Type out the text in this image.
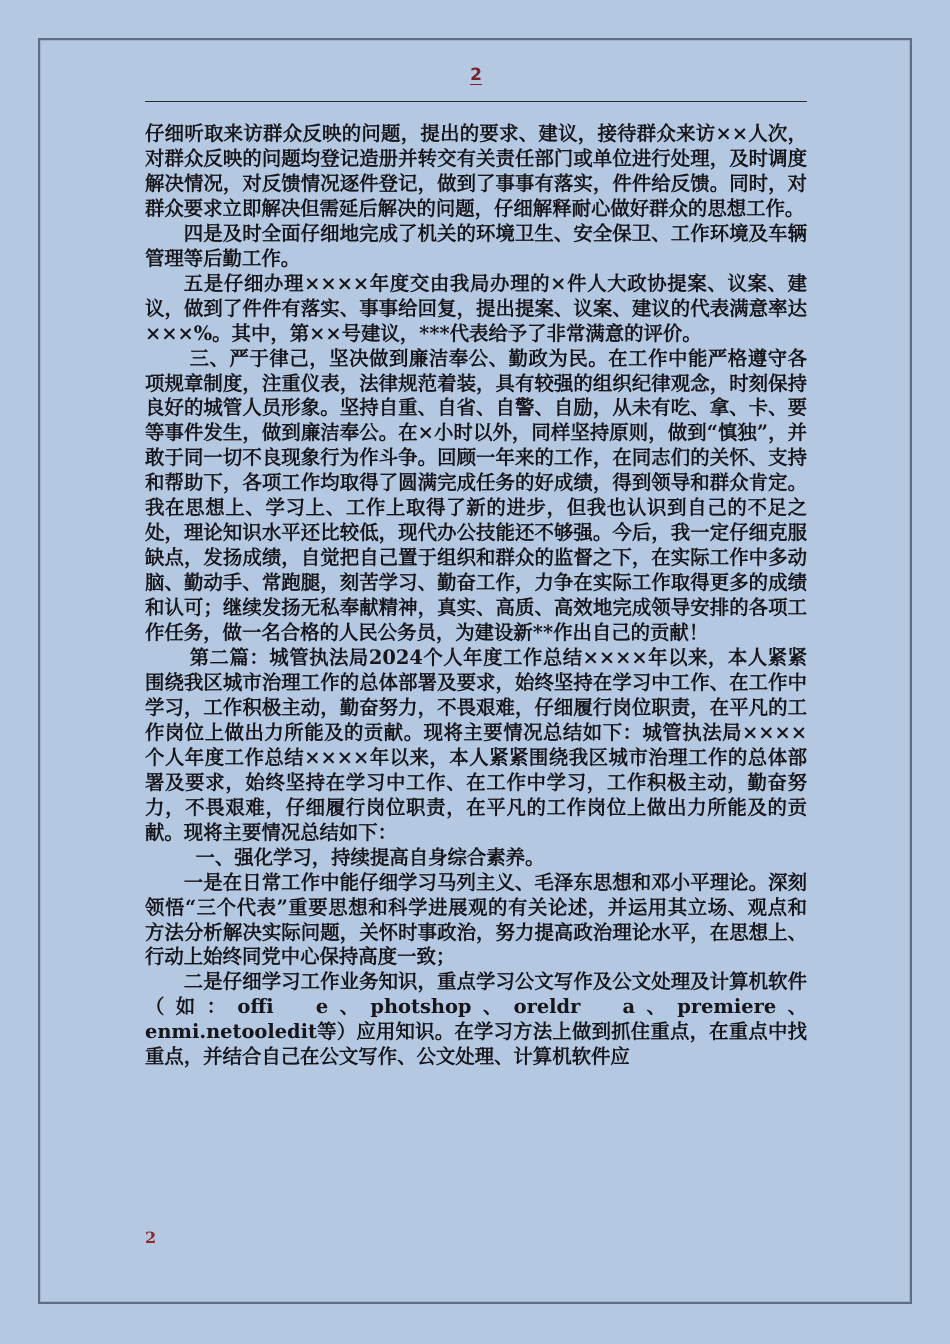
2

仔细听取来访群众反映的问题，提出的要求、建议，接待群众来访××人次，对群众反映的问题均登记造册并转交有关责任部门或单位进行处理，及时调度解决情况，对反馈情况逐件登记，做到了事事有落实，件件给反馈。同时，对群众要求立即解决但需延后解决的问题，仔细解释耐心做好群众的思想工作。

四是及时全面仔细地完成了机关的环境卫生、安全保卫、工作环境及车辆管理等后勤工作。

五是仔细办理××××年度交由我局办理的×件人大政协提案、议案、建议，做到了件件有落实、事事给回复，提出提案、议案、建议的代表满意率达×××%。其中，第××号建议，***代表给予了非常满意的评价。

三、严于律己，坚决做到廉洁奉公、勤政为民。在工作中能严格遵守各项规章制度，注重仪表，法律规范着装，具有较强的组织纪律观念，时刻保持良好的城管人员形象。坚持自重、自省、自警、自励，从未有吃、拿、卡、要等事件发生，做到廉洁奉公。在×小时以外，同样坚持原则，做到“慎独”，并敢于同一切不良现象行为作斗争。回顾一年来的工作，在同志们的关怀、支持和帮助下，各项工作均取得了圆满完成任务的好成绩，得到领导和群众肯定。我在思想上、学习上、工作上取得了新的进步，但我也认识到自己的不足之处，理论知识水平还比较低，现代办公技能还不够强。今后，我一定仔细克服缺点，发扬成绩，自觉把自己置于组织和群众的监督之下，在实际工作中多动脑、勤动手、常跑腿，刻苦学习、勤奋工作，力争在实际工作取得更多的成绩和认可；继续发扬无私奉献精神，真实、高质、高效地完成领导安排的各项工作任务，做一名合格的人民公务员，为建设新**作出自己的贡献！

第二篇：城管执法局2024个人年度工作总结××××年以来，本人紧紧围绕我区城市治理工作的总体部署及要求，始终坚持在学习中工作、在工作中学习，工作积极主动，勤奋努力，不畏艰难，仔细履行岗位职责，在平凡的工作岗位上做出力所能及的贡献。现将主要情况总结如下：城管执法局××××个人年度工作总结××××年以来，本人紧紧围绕我区城市治理工作的总体部署及要求，始终坚持在学习中工作、在工作中学习，工作积极主动，勤奋努力，不畏艰难，仔细履行岗位职责，在平凡的工作岗位上做出力所能及的贡献。现将主要情况总结如下：

一、强化学习，持续提高自身综合素养。

一是在日常工作中能仔细学习马列主义、毛泽东思想和邓小平理论。深刻领悟“三个代表”重要思想和科学进展观的有关论述，并运用其立场、观点和方法分析解决实际问题，关怀时事政治，努力提高政治理论水平，在思想上、行动上始终同党中心保持高度一致；

二是仔细学习工作业务知识，重点学习公文写作及公文处理及计算机软件（如：offi　e、photshop、oreldr　a、premiere、enmi.netooledit等）应用知识。在学习方法上做到抓住重点，在重点中找重点，并结合自己在公文写作、公文处理、计算机软件应

2
